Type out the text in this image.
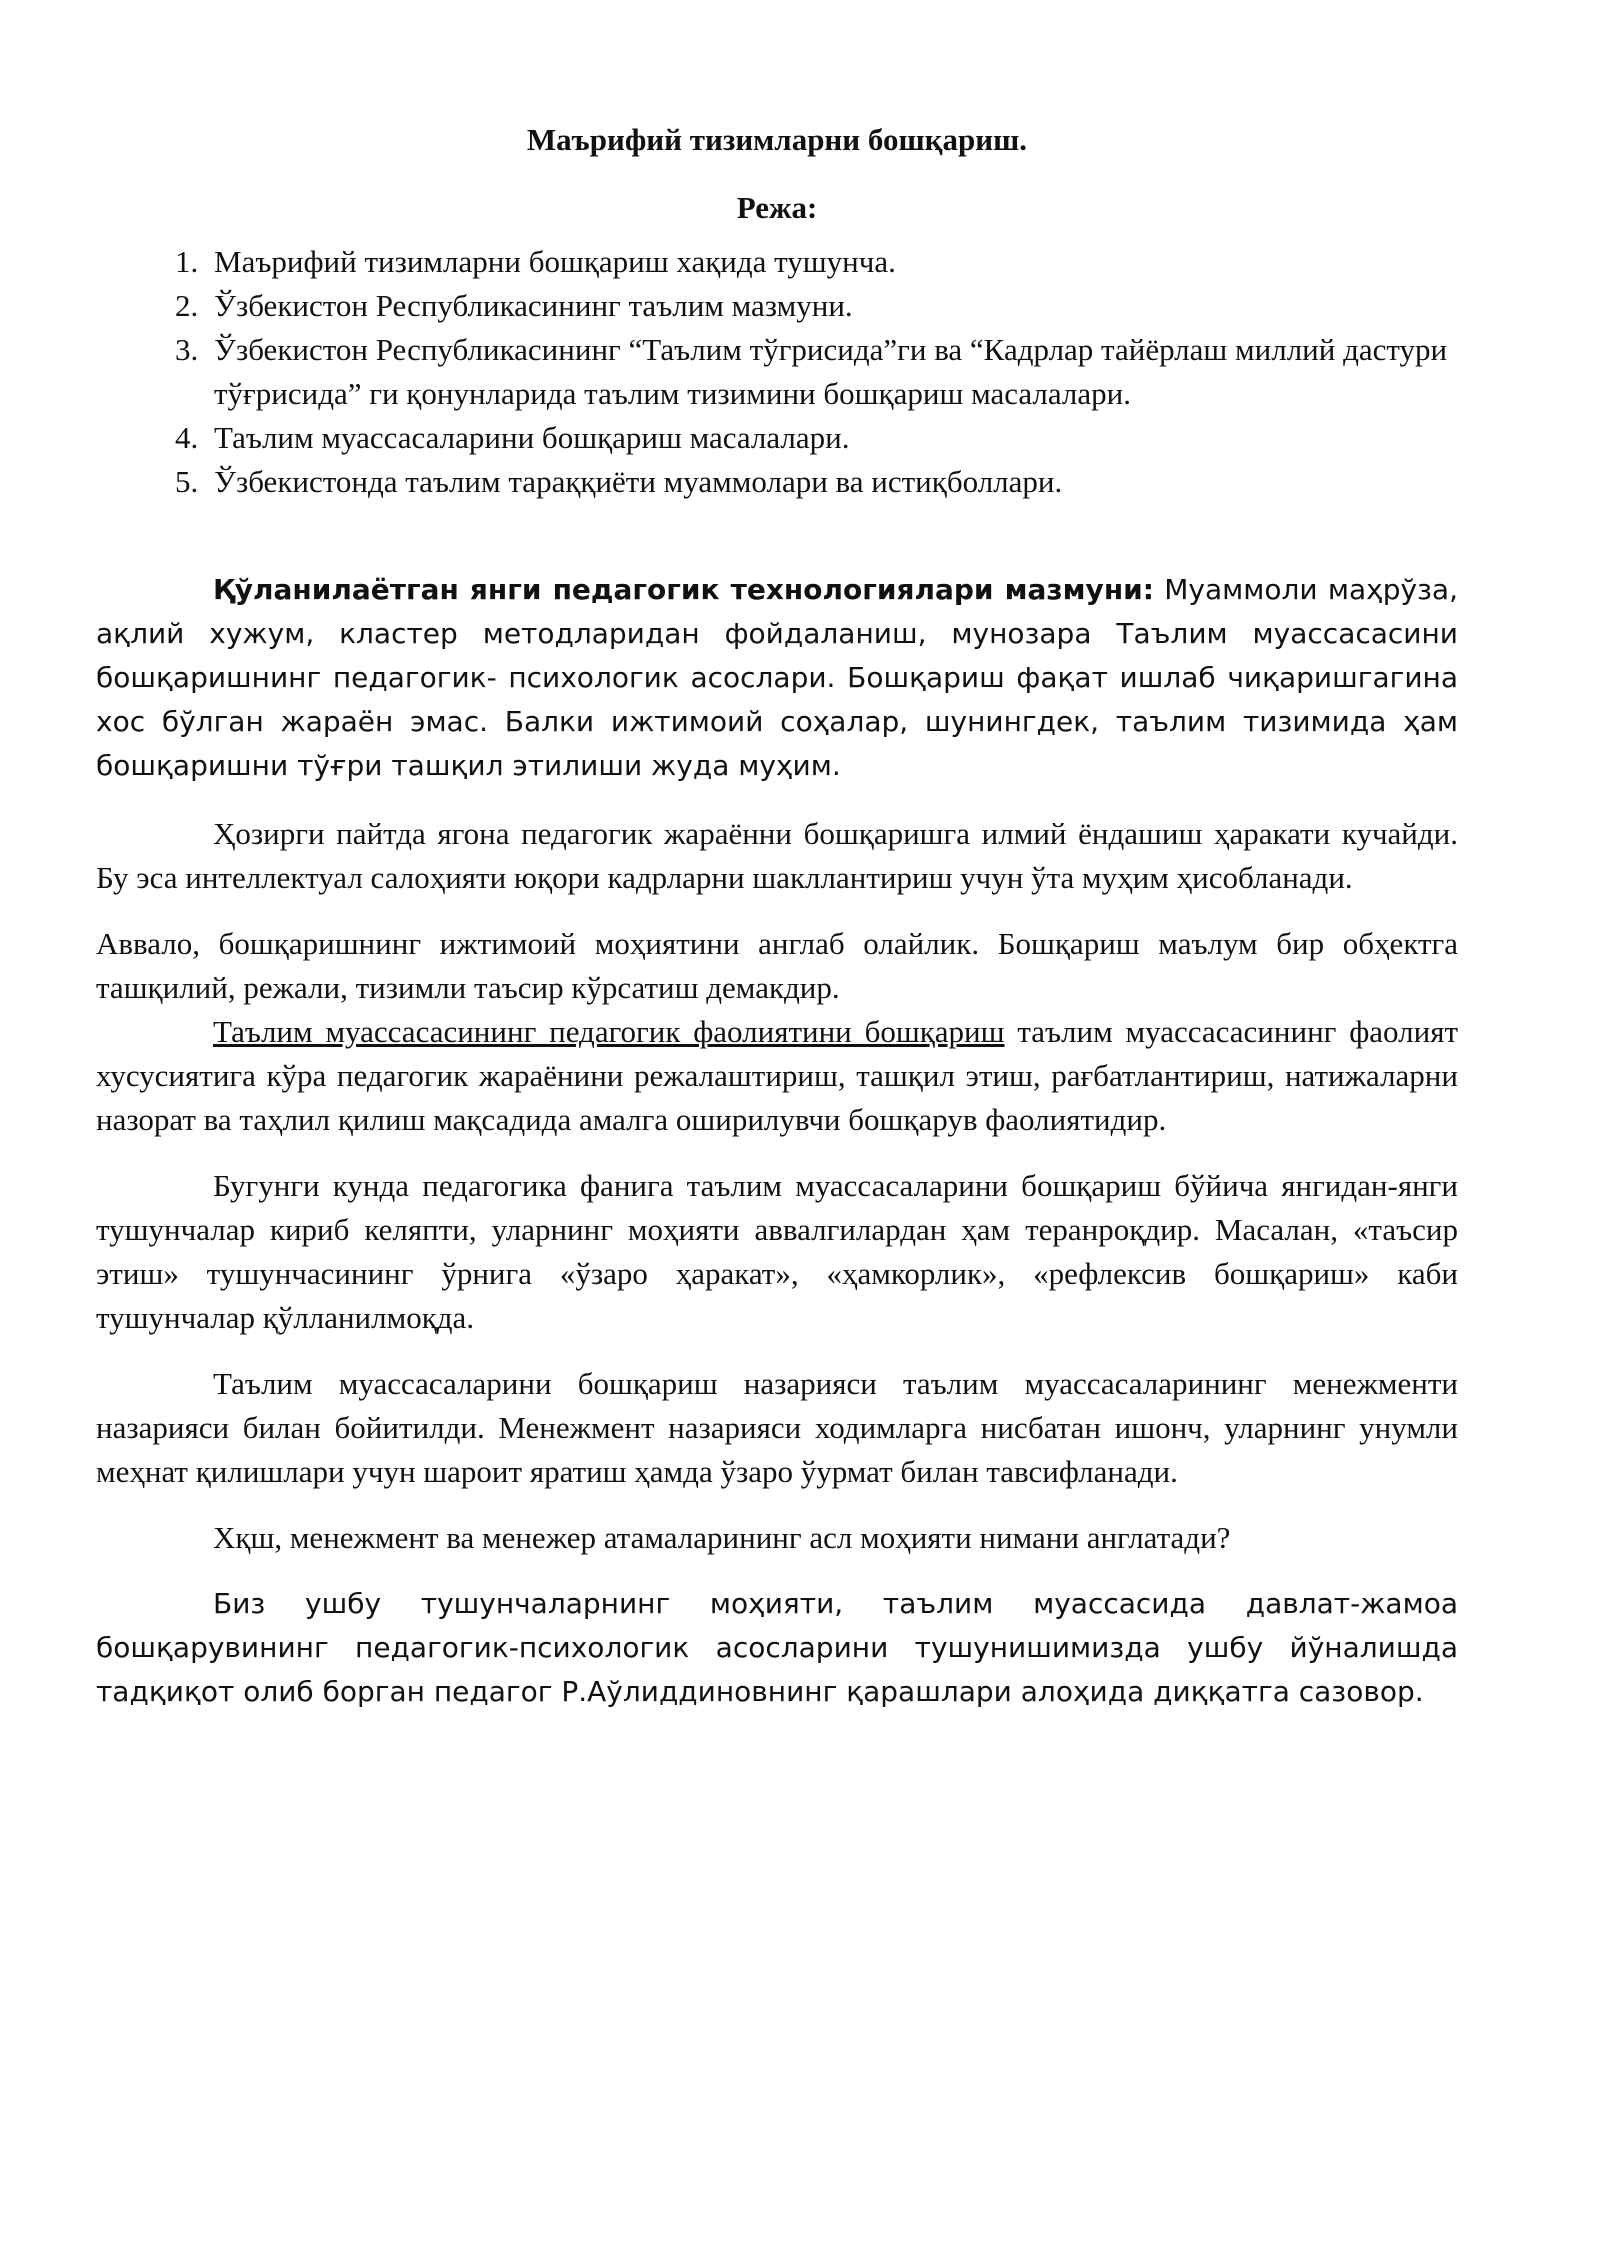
Маърифий тизимларни бошқариш.
Режа:
1. Маърифий тизимларни бошқариш хақида тушунча.
2. Ўзбекистон Республикасининг таълим мазмуни.
3. Ўзбекистон Республикасининг “Таълим тўгрисида”ги ва “Кадрлар тайёрлаш миллий дастури тўғрисида” ги қонунларида таълим тизимини бошқариш масалалари.
4. Таълим муассасаларини бошқариш масалалари.
5. Ўзбекистонда таълим тараққиёти муаммолари ва истиқболлари.

Қўланилаётган янги педагогик технологиялари мазмуни: Муаммоли маҳрўза, ақлий хужум, кластер методларидан фойдаланиш, мунозара Таълим муассасасини бошқаришнинг педагогик- психологик асослари. Бошқариш фақат ишлаб чиқаришгагина хос бўлган жараён эмас. Балки ижтимоий соҳалар, шунингдек, таълим тизимида ҳам бошқаришни тўғри ташқил этилиши жуда муҳим.

Ҳозирги пайтда ягона педагогик жараённи бошқаришга илмий ёндашиш ҳаракати кучайди. Бу эса интеллектуал салоҳияти юқори кадрларни шакллантириш учун ўта муҳим ҳисобланади.

Аввало, бошқаришнинг ижтимоий моҳиятини англаб олайлик. Бошқариш маълум бир обҳектга ташқилий, режали, тизимли таъсир кўрсатиш демакдир.

Таълим муассасасининг педагогик фаолиятини бошқариш таълим муассасасининг фаолият хусусиятига кўра педагогик жараёнини режалаштириш, ташқил этиш, рағбатлантириш, натижаларни назорат ва таҳлил қилиш мақсадида амалга оширилувчи бошқарув фаолиятидир.

Бугунги кунда педагогика фанига таълим муассасаларини бошқариш бўйича янгидан-янги тушунчалар кириб келяпти, уларнинг моҳияти аввалгилардан ҳам теранроқдир. Масалан, «таъсир этиш» тушунчасининг ўрнига «ўзаро ҳаракат», «ҳамкорлик», «рефлексив бошқариш» каби тушунчалар қўлланилмоқда.

Таълим муассасаларини бошқариш назарияси таълим муассасаларининг менежменти назарияси билан бойитилди. Менежмент назарияси ходимларга нисбатан ишонч, уларнинг унумли меҳнат қилишлари учун шароит яратиш ҳамда ўзаро ўурмат билан тавсифланади.

Хқш, менежмент ва менежер атамаларининг асл моҳияти нимани англатади?

Биз ушбу тушунчаларнинг моҳияти, таълим муассасида давлат-жамоа бошқарувининг педагогик-психологик асосларини тушунишимизда ушбу йўналишда тадқиқот олиб борган педагог Р.Аўлиддиновнинг қарашлари алоҳида диққатга сазовор.
